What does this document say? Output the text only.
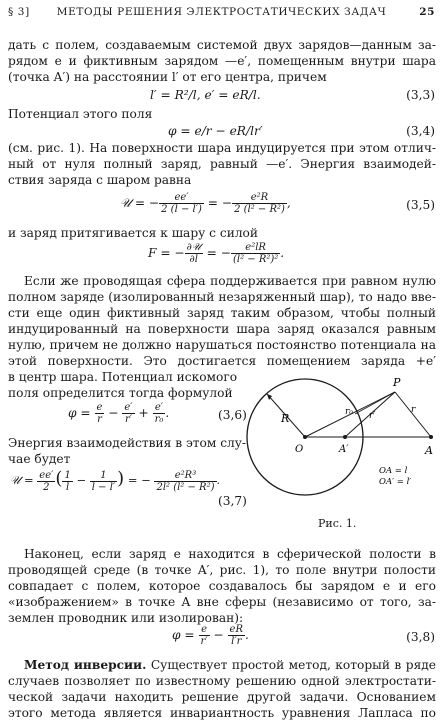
§ 3]	МЕТОДЫ РЕШЕНИЯ ЭЛЕКТРОСТАТИЧЕСКИХ ЗАДАЧ	25
дать с полем, создаваемым системой двух зарядов—данным за-
рядом e и фиктивным зарядом —e′, помещенным внутри шара
(точка A′) на расстоянии l′ от его центра, причем
l′ = R²/l, e′ = eR/l.	(3,3)
Потенциал этого поля
φ = e/r − eR/lr′	(3,4)
(см. рис. 1). На поверхности шара индуцируется при этом отлич-
ный от нуля полный заряд, равный —e′. Энергия взаимодей-
ствия заряда с шаром равна
𝒰 = − $\frac{ee'}{2 (l - l')}$ = − $\frac{\text{e²R}}{\text{2 (l² − R²)}}$ ,	(3,5)
и заряд притягивается к шару с силой
F = − $\frac{\text{∂𝒰}}{\partial l}$ = − $\frac{\text{e²lR}}{\text{(l² − R²)²}}$ .
Если же проводящая сфера поддерживается при равном нулю
полном заряде (изолированный незаряженный шар), то надо вве-
сти еще один фиктивный заряд таким образом, чтобы полный
индуцированный на поверхности шара заряд оказался равным
нулю, причем не должно нарушаться постоянство потенциала на
этой поверхности. Это достигается помещением заряда +e′
в центр шара. Потенциал искомого
поля определится тогда формулой
$\varphi = \frac{e}{r} - \frac{e'}{r'} + \frac{e'}{\text{r₀}}$ .	(3,6)
Энергия взаимодействия в этом слу-
чае будет
𝒰 = $\frac{ee'}{2}$ ( $\frac{1}{l} - \frac{1}{l - l'}$ ) = − $\frac{\text{e²R³}}{\text{2l² (l² − R²)}}$ .
(3,7)
R
O	A′	A
P
r₀ r′
r
OA = l
OA′ = l′
Рис. 1.
Наконец, если заряд e находится в сферической полости в
проводящей среде (в точке A′, рис. 1), то поле внутри полости
совпадает с полем, которое создавалось бы зарядом e и его
«изображением» в точке A вне сферы (независимо от того, за-
землен проводник или изолирован):
$\varphi = \frac{e}{r'} - \frac{eR}{l'r}$ .	(3,8)
Метод инверсии. Существует простой метод, который в ряде
случаев позволяет по известному решению одной электростати-
ческой задачи находить решение другой задачи. Основанием
этого метода является инвариантность уравнения Лапласа по
